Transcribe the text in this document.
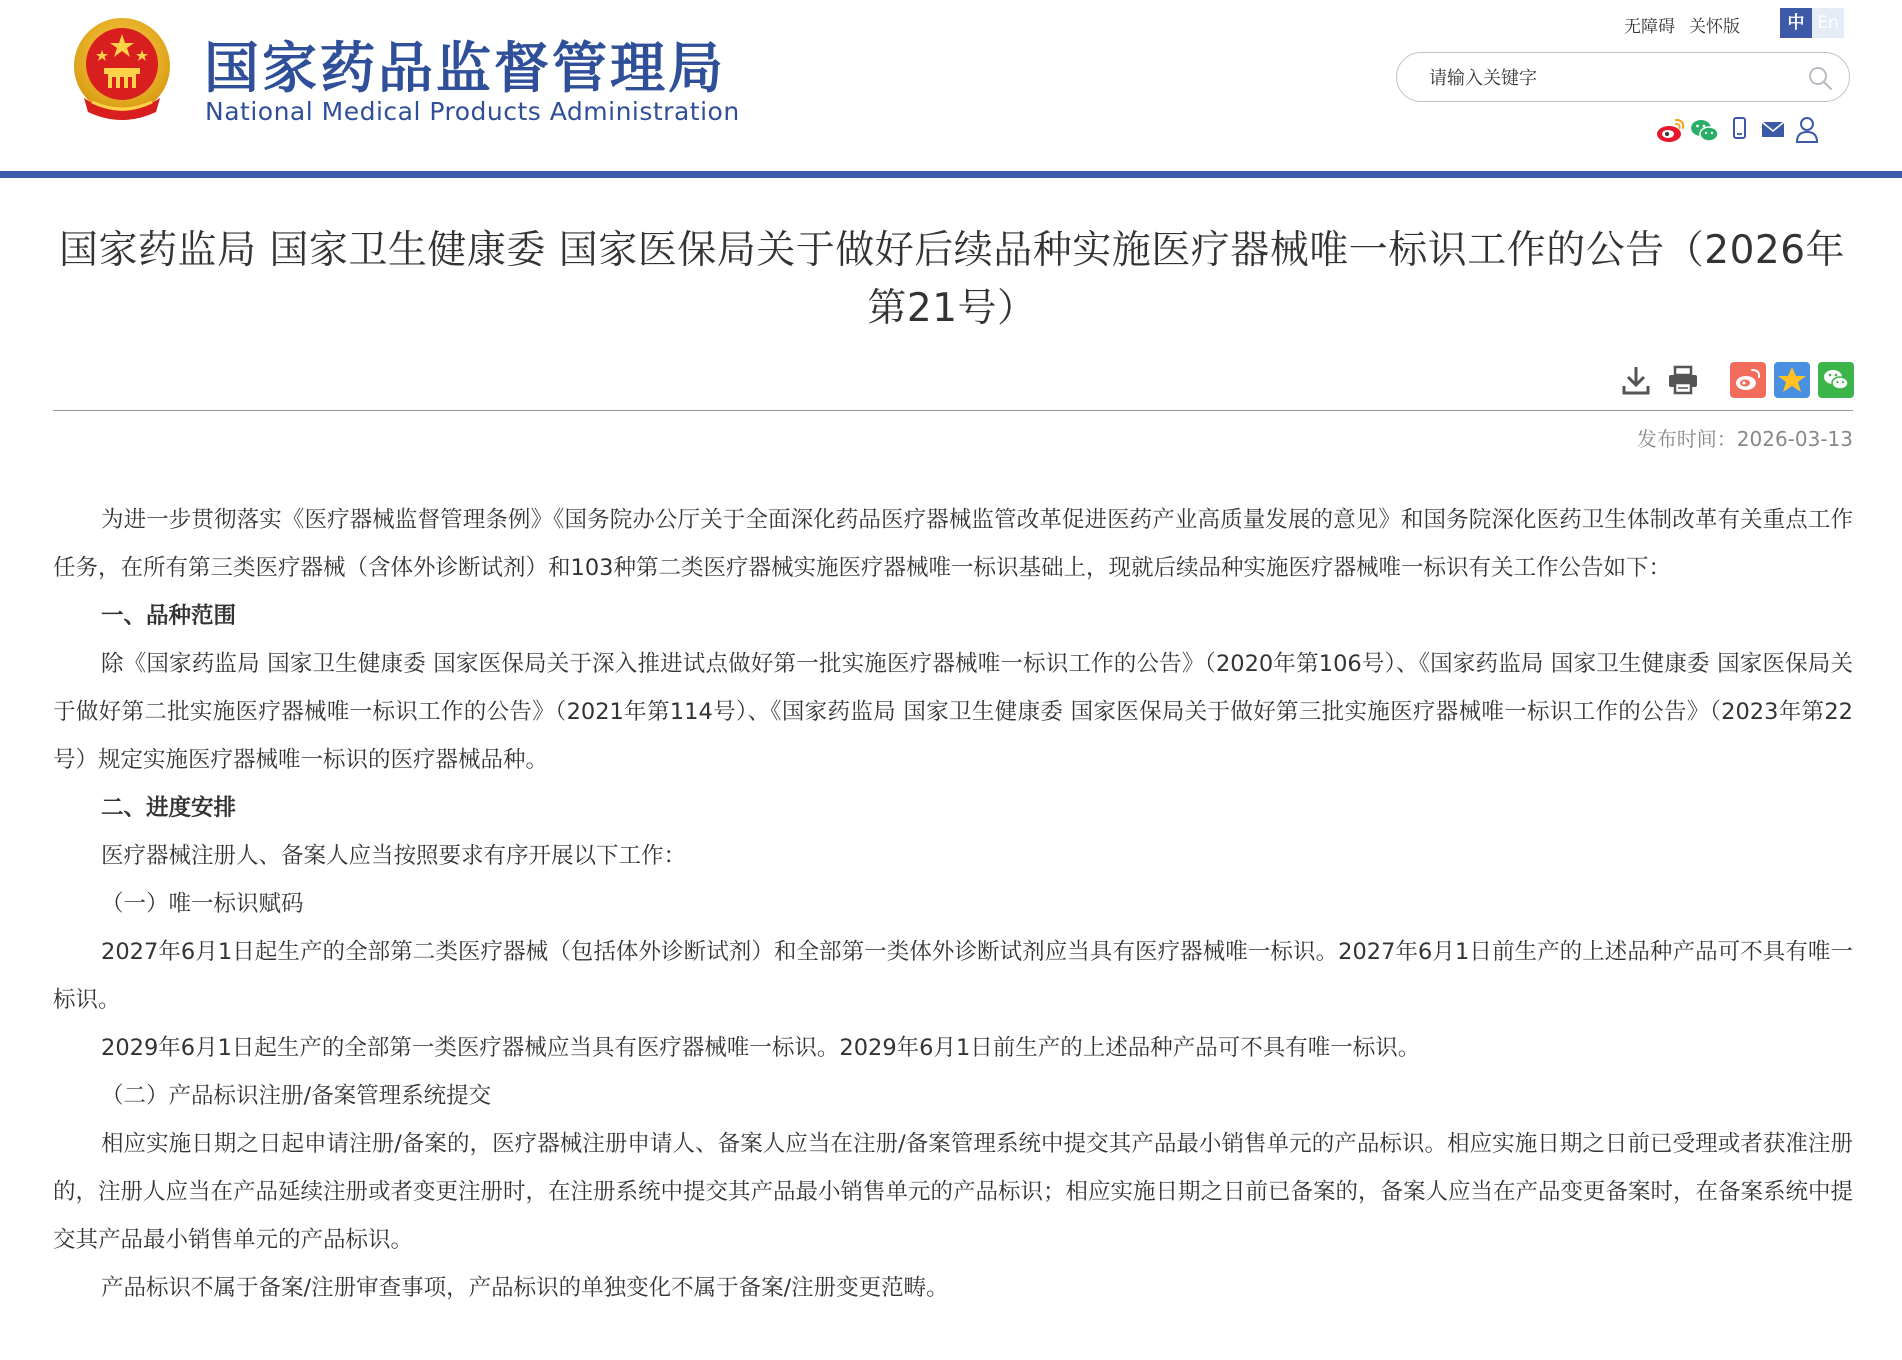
国家药品监督管理局
National Medical Products Administration
无障碍 关怀版	中 En
请输入关键字
国家药监局 国家卫生健康委 国家医保局关于做好后续品种实施医疗器械唯一标识工作的公告（2026年第21号）
发布时间：2026-03-13

为进一步贯彻落实《医疗器械监督管理条例》《国务院办公厅关于全面深化药品医疗器械监管改革促进医药产业高质量发展的意见》和国务院深化医药卫生体制改革有关重点工作任务，在所有第三类医疗器械（含体外诊断试剂）和103种第二类医疗器械实施医疗器械唯一标识基础上，现就后续品种实施医疗器械唯一标识有关工作公告如下：

一、品种范围

除《国家药监局 国家卫生健康委 国家医保局关于深入推进试点做好第一批实施医疗器械唯一标识工作的公告》（2020年第106号）、《国家药监局 国家卫生健康委 国家医保局关于做好第二批实施医疗器械唯一标识工作的公告》（2021年第114号）、《国家药监局 国家卫生健康委 国家医保局关于做好第三批实施医疗器械唯一标识工作的公告》（2023年第22号）规定实施医疗器械唯一标识的医疗器械品种。

二、进度安排

医疗器械注册人、备案人应当按照要求有序开展以下工作：

（一）唯一标识赋码

2027年6月1日起生产的全部第二类医疗器械（包括体外诊断试剂）和全部第一类体外诊断试剂应当具有医疗器械唯一标识。2027年6月1日前生产的上述品种产品可不具有唯一标识。

2029年6月1日起生产的全部第一类医疗器械应当具有医疗器械唯一标识。2029年6月1日前生产的上述品种产品可不具有唯一标识。

（二）产品标识注册/备案管理系统提交

相应实施日期之日起申请注册/备案的，医疗器械注册申请人、备案人应当在注册/备案管理系统中提交其产品最小销售单元的产品标识。相应实施日期之日前已受理或者获准注册的，注册人应当在产品延续注册或者变更注册时，在注册系统中提交其产品最小销售单元的产品标识；相应实施日期之日前已备案的，备案人应当在产品变更备案时，在备案系统中提交其产品最小销售单元的产品标识。

产品标识不属于备案/注册审查事项，产品标识的单独变化不属于备案/注册变更范畴。
